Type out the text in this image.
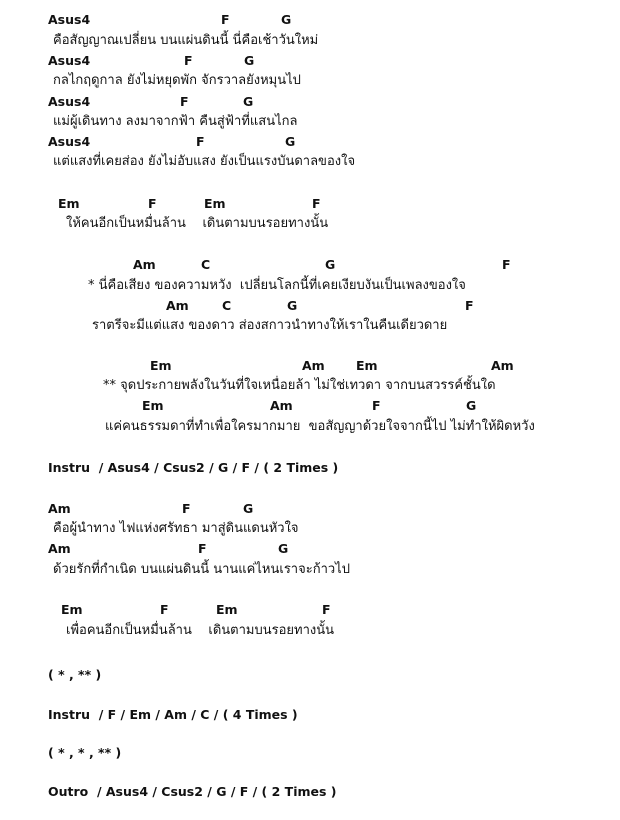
Asus4	F	G
คือสัญญาณเปลี่ยน บนแผ่นดินนี้ นี่คือเช้าวันใหม่
Asus4	F	G
กลไกฤดูกาล ยังไม่หยุดพัก จักรวาลยังหมุนไป
Asus4	F	G
แม่ผู้เดินทาง ลงมาจากฟ้า คืนสู่ฟ้าที่แสนไกล
Asus4	F	G
แต่แสงที่เคยส่อง ยังไม่อับแสง ยังเป็นแรงบันดาลของใจ
Em	F	Em	F
ให้คนอีกเป็นหมื่นล้าน    เดินตามบนรอยทางนั้น
Am	C	G	F
* นี่คือเสียง ของความหวัง  เปลี่ยนโลกนี้ที่เคยเงียบงันเป็นเพลงของใจ
Am	C	G	F
ราตรีจะมีแต่แสง ของดาว ส่องสกาวนำทางให้เราในคืนเดียวดาย
Em	Am	Em	Am
** จุดประกายพลังในวันที่ใจเหนื่อยล้า ไม่ใช่เทวดา จากบนสวรรค์ชั้นใด
Em	Am	F	G
แค่คนธรรมดาที่ทำเพื่อใครมากมาย  ขอสัญญาด้วยใจจากนี้ไป ไม่ทำให้ผิดหวัง
Instru  / Asus4 / Csus2 / G / F / ( 2 Times )
Am	F	G
คือผู้นำทาง ไฟแห่งศรัทธา มาสู่ดินแดนหัวใจ
Am	F	G
ด้วยรักที่กำเนิด บนแผ่นดินนี้ นานแค่ไหนเราจะก้าวไป
Em	F	Em	F
เพื่อคนอีกเป็นหมื่นล้าน    เดินตามบนรอยทางนั้น
( * , ** )
Instru  / F / Em / Am / C / ( 4 Times )
( * , * , ** )
Outro  / Asus4 / Csus2 / G / F / ( 2 Times )
